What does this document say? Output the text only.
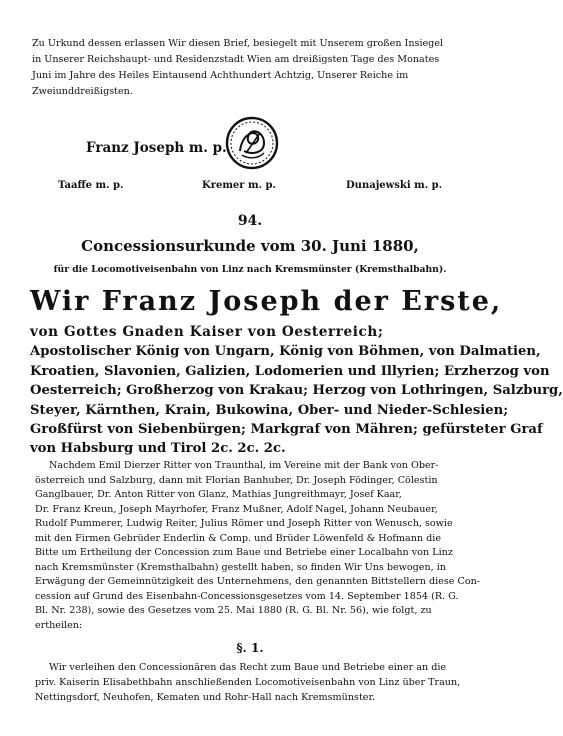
Zu Urkund dessen erlassen Wir diesen Brief, besiegelt mit Unserem großen Insiegel
in Unserer Reichshaupt- und Residenzstadt Wien am dreißigsten Tage des Monates
Juni im Jahre des Heiles Eintausend Achthundert Achtzig, Unserer Reiche im
Zweiunddreißigsten.

Franz Joseph m. p.
Taaffe m. p.	Kremer m. p.	Dunajewski m. p.
94.
Concessionsurkunde vom 30. Juni 1880,
für die Locomotiveisenbahn von Linz nach Kremsmünster (Kremsthalbahn).
Wir Franz Joseph der Erste,
von Gottes Gnaden Kaiser von Oesterreich;
Apostolischer König von Ungarn, König von Böhmen, von Dalmatien,
Kroatien, Slavonien, Galizien, Lodomerien und Illyrien; Erzherzog von
Oesterreich; Großherzog von Krakau; Herzog von Lothringen, Salzburg,
Steyer, Kärnthen, Krain, Bukowina, Ober- und Nieder-Schlesien;
Großfürst von Siebenbürgen; Markgraf von Mähren; gefürsteter Graf
von Habsburg und Tirol 2c. 2c. 2c.
Nachdem Emil Dierzer Ritter von Traunthal, im Vereine mit der Bank von Ober-
österreich und Salzburg, dann mit Florian Banhuber, Dr. Joseph Födinger, Cölestin
Ganglbauer, Dr. Anton Ritter von Glanz, Mathias Jungreithmayr, Josef Kaar,
Dr. Franz Kreun, Joseph Mayrhofer, Franz Mußner, Adolf Nagel, Johann Neubauer,
Rudolf Pummerer, Ludwig Reiter, Julius Römer und Joseph Ritter von Wenusch, sowie
mit den Firmen Gebrüder Enderlin & Comp. und Brüder Löwenfeld & Hofmann die
Bitte um Ertheilung der Concession zum Baue und Betriebe einer Localbahn von Linz
nach Kremsmünster (Kremsthalbahn) gestellt haben, so finden Wir Uns bewogen, in
Erwägung der Gemeinnützigkeit des Unternehmens, den genannten Bittstellern diese Con-
cession auf Grund des Eisenbahn-Concessionsgesetzes vom 14. September 1854 (R. G.
Bl. Nr. 238), sowie des Gesetzes vom 25. Mai 1880 (R. G. Bl. Nr. 56), wie folgt, zu
ertheilen:
§. 1.
Wir verleihen den Concessionären das Recht zum Baue und Betriebe einer an die
priv. Kaiserin Elisabethbahn anschließenden Locomotiveisenbahn von Linz über Traun,
Nettingsdorf, Neuhofen, Kematen und Rohr-Hall nach Kremsmünster.
